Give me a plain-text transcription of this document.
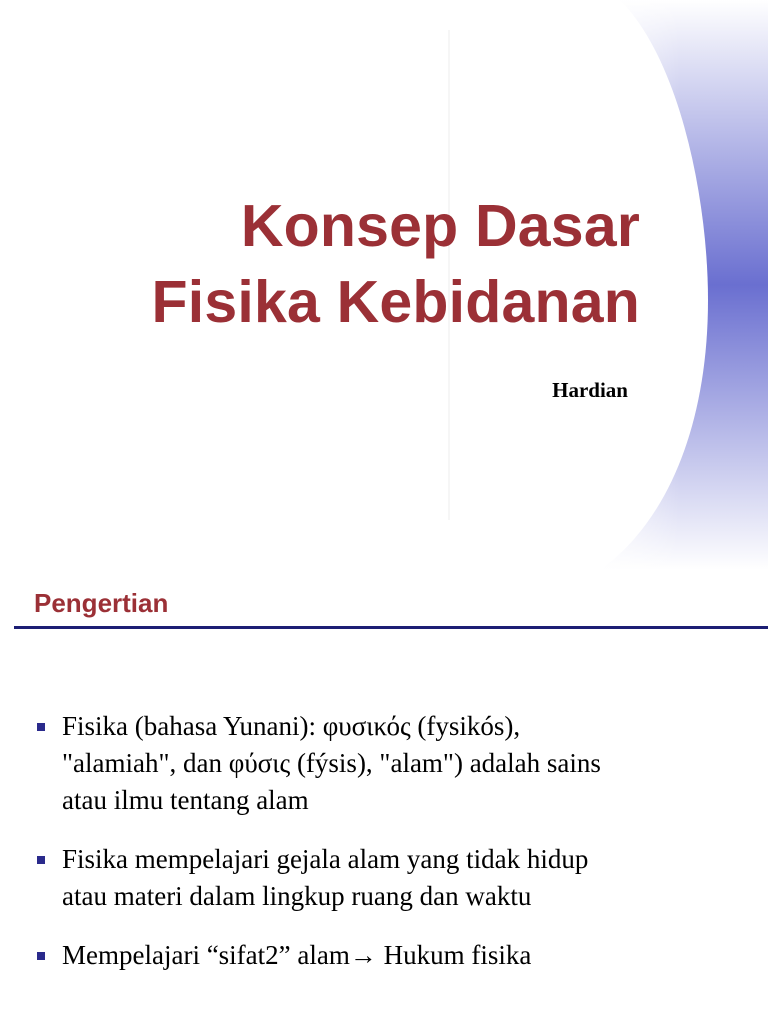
Konsep Dasar
Fisika Kebidanan
Hardian
Pengertian
Fisika (bahasa Yunani): φυσικός (fysikós),
"alamiah", dan φύσις (fýsis), "alam") adalah sains
atau ilmu tentang alam
Fisika mempelajari gejala alam yang tidak hidup
atau materi dalam lingkup ruang dan waktu
Mempelajari “sifat2” alam→ Hukum fisika
